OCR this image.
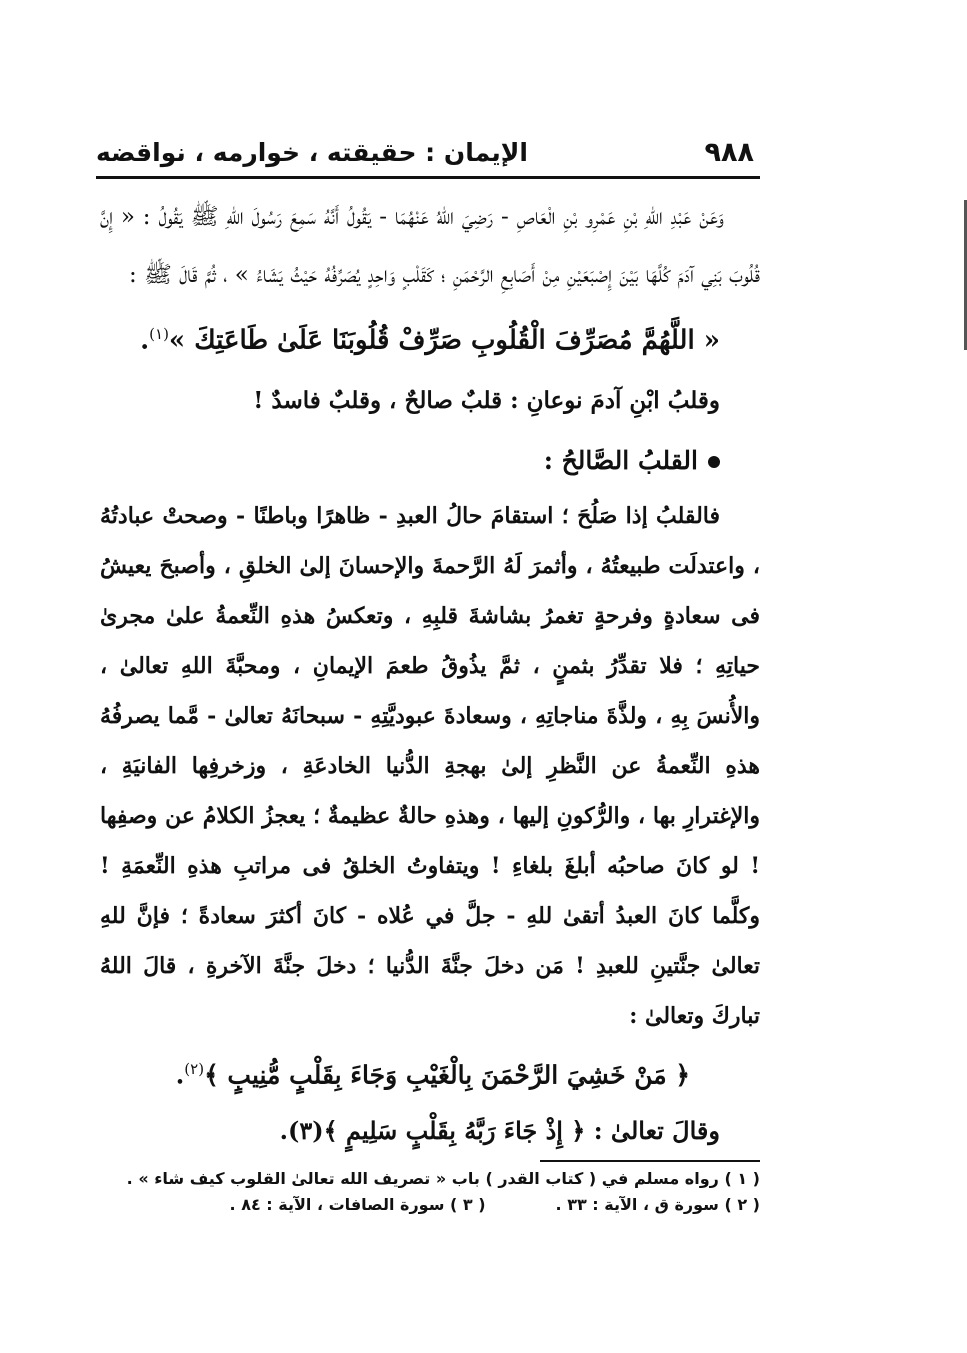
الإيمان : حقيقته ، خوارمه ، نواقضه	٩٨٨
وَعَنْ عَبْدِ اللهِ بْنِ عَمْرِو بْنِ الْعَاصِ - رَضِيَ اللهُ عَنْهُمَا - يَقُولُ أَنَّهُ سَمِعَ رَسُولَ اللهِ ﷺ يَقُولُ : « إِنَّ قُلُوبَ بَنِي آدَمَ كُلَّهَا بَيْنَ إِصْبَعَيْنِ مِنْ أَصَابِعِ الرَّحْمَنِ ؛ كَقَلْبٍ وَاحِدٍ يُصَرِّفُهُ حَيْثُ يَشَاءُ » ، ثُمَّ قَالَ ﷺ :
« اللَّهُمَّ مُصَرِّفَ الْقُلُوبِ صَرِّفْ قُلُوبَنَا عَلَىٰ طَاعَتِكَ »$^{(١)}$.
وقلبُ ابْنِ آدمَ نوعانِ : قلبٌ صالحٌ ، وقلبٌ فاسدٌ !
القلبُ الصَّالحُ :
فالقلبُ إذا صَلُحَ ؛ استقامَ حالُ العبدِ - ظاهرًا وباطنًا - وصحتْ عبادتُهُ ، واعتدلَت طبيعتُهُ ، وأثمرَ لَهُ الرَّحمةَ والإحسانَ إلىٰ الخلقِ ، وأصبحَ يعيشُ فى سعادةٍ وفرحةٍ تغمرُ بشاشةَ قلبِهِ ، وتعكسُ هذهِ النِّعمةُ علىٰ مجرىٰ حياتِهِ ؛ فلا تقدِّرُ بثمنٍ ، ثمَّ يذُوقُ طعمَ الإيمانِ ، ومحبَّةَ اللهِ تعالىٰ ، والأُنسَ بِهِ ، ولذَّةَ مناجاتِهِ ، وسعادةَ عبوديَّتِهِ - سبحانَهُ تعالىٰ - مَّما يصرفُهُ هذهِ النِّعمةُ عن النَّظرِ إلىٰ بهجةِ الدُّنيا الخادعَةِ ، وزخرفِها الفانيَةِ ، والإغترارِ بها ، والرُّكونِ إليها ، وهذهِ حالةٌ عظيمةٌ ؛ يعجزُ الكلامُ عن وصفِها ! لو كانَ صاحبُه أبلغَ بلغاءِ ! ويتفاوتُ الخلقُ فى مراتبِ هذهِ النِّعمَةِ ! وكلَّما كانَ العبدُ أتقىٰ للهِ - جلَّ في عُلاه - كانَ أكثرَ سعادةً ؛ فإنَّ للهِ تعالىٰ جنَّتينِ للعبدِ ! مَن دخلَ جنَّةَ الدُّنيا ؛ دخلَ جنَّةَ الآخرةِ ، قالَ اللهُ تباركَ وتعالىٰ :
﴿ مَنْ خَشِيَ الرَّحْمَنَ بِالْغَيْبِ وَجَاءَ بِقَلْبٍ مُّنِيبٍ ﴾$^{(٢)}$.
وقالَ تعالىٰ : ﴿ إِذْ جَاءَ رَبَّهُ بِقَلْبٍ سَلِيمٍ ﴾(٣).
( ١ ) رواه مسلم في ( كتاب القدر ) باب « تصريف الله تعالىٰ القلوب كيف شاء » .
( ٢ ) سورة ق ، الآية : ٣٣ .
( ٣ ) سورة الصافات ، الآية : ٨٤ .
